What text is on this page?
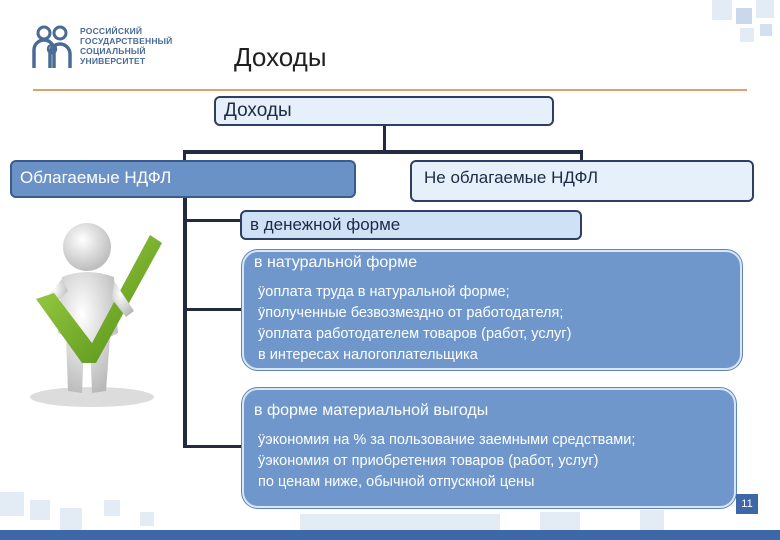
РОССИЙСКИЙ
ГОСУДАРСТВЕННЫЙ
СОЦИАЛЬНЫЙ
УНИВЕРСИТЕТ	Доходы
Доходы
Облагаемые НДФЛ	Не облагаемые НДФЛ
в денежной форме
в натуральной форме
ÿоплата труда в натуральной форме;
ÿполученные безвозмездно от работодателя;
ÿоплата работодателем товаров (работ, услуг)
в интересах налогоплательщика
в форме материальной выгоды
ÿэкономия на % за пользование заемными средствами;
ÿэкономия от приобретения товаров (работ, услуг)
по ценам ниже, обычной отпускной цены
11
